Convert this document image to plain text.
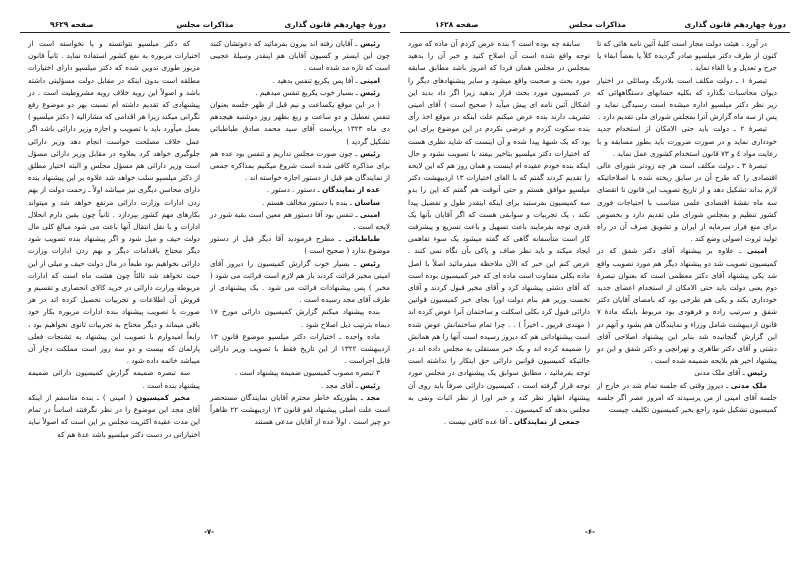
دورهٔ چهاردهم قانون گذاری
مذاکرات مجلس
صفحه ۹۶۲۹

رئیس ـ آقایان رفته اند بیرون بفرمائید که دعوتشان کنند چون این ایستر و کسیون آقایان هم اینقدر وسیلهٔ عجیبی است که تازه مد شده است .

امینی ـ آقا پس یکربع تنفس بدهید .

رئیس ـ بسیار خوب یکربع تنفس میدهیم .

( در این موقع یکساعت و نیم قبل از ظهر جلسه بعنوان تنفس تعطیل و دو ساعت و ربع بظهر روز دوشنبه هیجدهم دی ماه ۱۳۲۳ بریاست آقای سید محمد صادق طباطبائی تشکیل گردید )

رئیس ـ چون صورت مجلس نداریم و تنفس بود عده هم برای مذاکره کافی شده است شروع میکنیم بمذاکره جمعی از نمایندگان هم قبل از دستور اجازه خواسته اند .

عده از نمایندگان ـ دستور . دستور .

ساسان ـ بنده با دستور مخالف هستم .

امینی ـ تنفس بود آقا دستور هم معین است بقیه شور در لایحه است .

طباطبائی ـ مطرح فرمودید آقا دیگر قبل از دستور موضوع ندارد ( صحیح است )

رئیس ـ بسیار خوب گزارش کمیسیون را دیروز آقای امینی مخبر قرائت کردند باز هم لازم است قرائت می شود ( مخبر ) پس پیشنهادات قرائت می شود . یک پیشنهادی از طرف آقای مجد رسیده است .

بنده پیشنهاد میکنم گزارش کمیسیون دارائی مورخ ۱۷ دیماه بترتیب ذیل اصلاح شود .

ماده واحده ـ اختیارات دکتر میلسپو موضوع قانون ۱۳ اردیبهشت ۱۳۲۲ از این تاریخ فقط با تصویب وزیر دارائی قابل اجراست .

۳ تبصره مصوب کمیسیون ضمیمه پیشنهاد است .

رئیس ـ آقای مجد .

مجد ـ بطوریکه خاطر محترم آقایان نمایندگان مستحضر است علت اصلی پیشنهاد لغو قانون ۱۳ اردیبهشت ۲۲ ظاهراً دو چیز است . اولاً عده از آقایان مدعی هستند

که دکتر میلسپو نتوانسته و یا نخواسته است از اختیارات مزبوره به نفع کشور استفاده نماید . ثانیاً قانون مزبور طوری تدوین شده که دکتر میلسپو دارای اختیارات مطلقه است بدون اینکه در مقابل دولت مسؤلیتی داشته باشد و اصولاً این رویه خلاف رویه مشروطیت است . در پیشنهادی که تقدیم داشته ام نسبت بهر دو موضوع رفع نگرانی میکند زیرا هر اقدامی که مشارالیه ( دکتر میلسپو ) بعمل میآورد باید با تصویب و اجازه وزیر دارائی باشد اگر عمل خلاف مصلحت خواست انجام دهد وزیر دارائی جلوگیری خواهد کرد بعلاوه در مقابل وزیر دارائی مسؤل است وزیر دارائی هم مسؤل مجلس و البته اختیار مطلق از دکتر میلسپو سلب خواهد شد علاوه بر این پیشنهاد بنده دارای محاسن دیگری نیز میباشد اولاً ـ زحمت دولت از بهم زدن ادارات وزارت دارائی مرتفع خواهد شد و میتواند بکارهای مهم کشور بپردازد . ثانیاً چون یقین دارم انحلال ادارات و یا نقل انتقال آنها باعث می شود مبالغ کلی مال دولت حیف و میل شود و اگر پیشنهاد بنده تصویب شود دیگر محتاج باقدامات دیگر و بهم زدن ادارات وزارت دارائی نخواهیم بود طبعاً در مال دولت حیف و میلی از این حیث نخواهد شد ثالثاً چون هشت ماه است که ادارات مربوطه وزارت دارائی در خرید کالای انحصاری و تقسیم و فروش آن اطلاعات و تجربیات تحصیل کرده اند در هر صورت با تصویب پیشنهاد بنده ادارات مزبوره بکار خود باقی میماند و دیگر محتاج به تجربیات ثانوی نخواهیم بود ، رابعاً امیدوارم با تصویب این پیشنهاد به تشنجات فعلی پارلمان که بیست و دو سه روز است مملکت دچار آن میباشد خاتمه داده شود .

سه تبصره ضمیمه گزارش کمیسیون دارائی ضمیمه پیشنهاد بنده است .

مخبر کمیسیون ( امینی ) ـ بنده متاسفم از اینکه آقای مجد این موضوع را در نظر نگرفتند اساساً در تمام این مدت عقیده اکثریت مجلس بر این است که اصولاً نباید اختیاراتی در دست دکتر میلسپو باشد عدهٔ هم که

-۷-
دورهٔ چهاردهم قانون گذاری
مذاکرات مجلس
صفحه ۱۶۲۸

در آورد . هیئت دولت مجاز است کلیهٔ آئین نامه هائی که تا کنون از طرف دکتر میلسپو صادر گردیده کلاً یا بعضاً ابقاء یا جرح و تعدیل و یا الغاء نماید .

تبصرهٔ ۱ ـ دولت مکلف است بلادرنگ وسائلی در اختیار دیوان محاسبات بگذارد که بکلیه حسابهای دستگاههائی که زیر نظر دکتر میلسپو اداره میشده است رسیدگی نماید و پس از سه ماه گزارش آنرا بمجلس شورای ملی تقدیم دارد .

تبصرهٔ ۲ ـ دولت باید حتی الامکان از استخدام جدید خودداری نماید و در صورت ضرورت باید بطور مسابقه و با رعایت مواد ٤ و ۷۳ قانون استخدام کشوری عمل نماید .

تبصرهٔ ۳ ـ دولت مکلف است هر چه زودتر شورای عالی اقتصادی را که طرح آن در سابق ریخته شده با اصلاحاتیکه لازم بداند تشکیل دهد و از تاریخ تصویب این قانون تا انقضای سه ماه نقشهٔ اقتصادی علمی متناسب با احتیاجات فوری کشور تنظیم و بمجلس شورای ملی تقدیم دارد و بخصوص برای منع فرار سرمایه از ایران و تشویق صرف آن در راه تولید ثروت اصولی وضع کند .

امینی ـ علاوه بر پیشنهاد آقای دکتر شفق که در کمیسیون تصویب شد دو پیشنهاد دیگر هم مورد تصویب واقع شد یکی پیشنهاد آقای دکتر معظمی است که بعنوان تبصرهٔ دوم یعنی دولت باید حتی الامکان از استخدام اعضای جدید خودداری بکند و یکی هم طرحی بود که بامضای آقایان دکتر شفق و سرتیپ زاده و فرهودی بود مربوط باینکه مادهٔ ۷ قانون اردیبهشت شامل وزراء و نمایندگان هم بشود و آنهم در این گزارش گنجانیده شد بنابر این پیشنهاد اصلاحی آقای دشتی و آقای دکتر طاهری و تهرانچی و دکتر شفق و این دو پیشنهاد اخیر هم بلایحه ضمیمه شده است .

رئیس ـ آقای ملک مدنی

ملک مدنی ـ دیروز وقتی که جلسه تمام شد در خارج از جلسه آقای امینی از من پرسیدند که امروز عصر اگر جلسه کمیسیون تشکیل شود راجع بخبر کمیسیون تکلیف چیست

سابقه چه بوده است ؟ بنده عرض کردم آن ماده که مورد توجه واقع شده است آن اصلاح کنید و خبر آن را بدهید بمجلس در مجلس همان فردا که امروز باشد مطابق سابقه مورد بحث و صحبت واقع میشود و سایر پیشنهادهای دیگر را در کمیسیون مورد بحث قرار بدهید زیرا اگر داد بدید این اشکال آئین نامه ای پیش میآید ( صحیح است ) آقای امینی تشریف دارند بنده عرض میکنم علت اینکه در موقع اخذ رأی بنده سکوت کردم و عرضی نکردم در این موضوع برای این بود که یک شبههٔ پیدا شده و آن اینست که شاید نظری هست که اختیارات دکتر میلسپو بتاخیر بیفتد با تصویب نشود و حال اینکه بنده خودم عقیده ام اینست و همان روز هم که این لایحه را تقدیم کردند گفتم که با الغای اختیارات ۱۳ اردیبهشت دکتر میلسپو موافق هستم و حتی آنوقت هم گفتم که این را بدو سه کمیسیون بفرستید برای اینکه اینقدر طول و تفصیل پیدا نکند ، یک تجربیات و سوابقی هست که اگر آقایان بآنها یک قدری توجه بفرمایند باعث تسهیل و باعث تسریع و پیشرفت کار است متأسفانه گاهی که گفته میشود یک سوء تفاهمی ایجاد میکند و باید نظر صاف و پاکی بآن نگاه نمی کنند . عرض کنم این خبر که الآن ملاحظه میفرمائید اصلاً با اصل ماده بکلی متفاوت است ماده ای که خبر کمیسیون بوده است که آقای دشتی پیشنهاد کرد و آقای مخبر قبول کردند و آقای نخست وزیر هم بنام دولت اورا بجای خبر کمیسیون قوانین دارائی قبول کرد بکلی اسکلت و ساختمان آنرا عوض کرده اند ( مهندی فریور ـ اخیراً ) . . چرا تمام ساختمانش عوض شده است پیشنهاداتی هم که دیروز رسیده است آنها را هم همانش را ضمیمه کرده اند و یک خبر مستقلی به مجلس داده اند در حالتیکه کمیسیون قوانین دارائی حق اینکار را نداشته است توجه بفرمائید ، مطابق سوابق یک پیشنهادی در مجلس مورد توجه قرار گرفته است ، کمیسیون دارائی صرفاً باید روی آن پیشنهاد اظهار نظر کند و خبر اورا از نظر اثبات ونفی به مجلس بدهد که کمیسیون . .

جمعی از نمایندگان ـ آقا عده کافی نیست .

-۶-
